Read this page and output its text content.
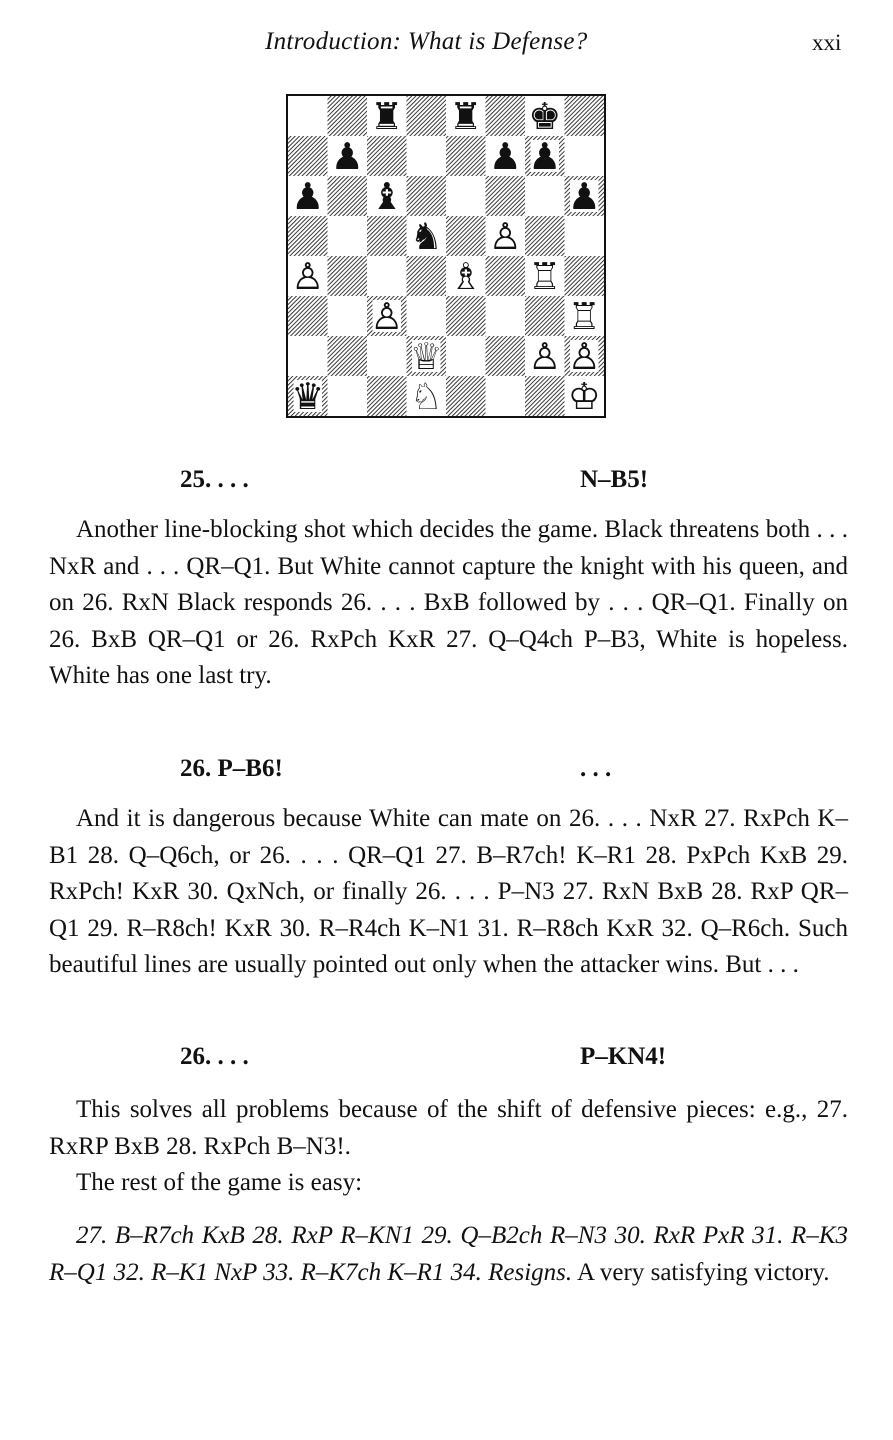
Introduction: What is Defense?	xxi
♜ ♜ ♚
♟	♟ ♟
♟ ♝	♟
♞ ♙
♙	♗ ♖
♙	♖
♕ ♙ ♙
♛ ♘	♔
25. . . .	N–B5!

Another line-blocking shot which decides the game. Black threatens both . . . NxR and . . . QR–Q1. But White cannot capture the knight with his queen, and on 26. RxN Black responds 26. . . . BxB followed by . . . QR–Q1. Finally on 26. BxB QR–Q1 or 26. RxPch KxR 27. Q–Q4ch P–B3, White is hopeless. White has one last try.

26. P–B6!	. . .

And it is dangerous because White can mate on 26. . . . NxR 27. RxPch K–B1 28. Q–Q6ch, or 26. . . . QR–Q1 27. B–R7ch! K–R1 28. PxPch KxB 29. RxPch! KxR 30. QxNch, or finally 26. . . . P–N3 27. RxN BxB 28. RxP QR–Q1 29. R–R8ch! KxR 30. R–R4ch K–N1 31. R–R8ch KxR 32. Q–R6ch. Such beautiful lines are usually pointed out only when the attacker wins. But . . .

26. . . .	P–KN4!

This solves all problems because of the shift of defensive pieces: e.g., 27. RxRP BxB 28. RxPch B–N3!.

The rest of the game is easy:

27. B–R7ch KxB 28. RxP R–KN1 29. Q–B2ch R–N3 30. RxR PxR 31. R–K3 R–Q1 32. R–K1 NxP 33. R–K7ch K–R1 34. Resigns. A very satisfying victory.
